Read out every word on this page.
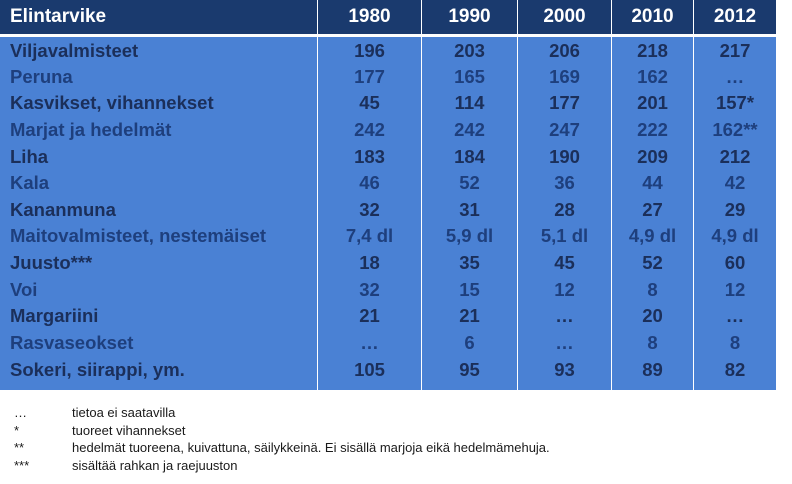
Elintarvike	1980	1990	2000	2010	2012
Viljavalmisteet	196	203	206	218	217
Peruna	177	165	169	162	…
Kasvikset, vihannekset	45	114	177	201	157*
Marjat ja hedelmät	242	242	247	222	162**
Liha	183	184	190	209	212
Kala	46	52	36	44	42
Kananmuna	32	31	28	27	29
Maitovalmisteet, nestemäiset	7,4 dl	5,9 dl	5,1 dl	4,9 dl	4,9 dl
Juusto***	18	35	45	52	60
Voi	32	15	12	8	12
Margariini	21	21	…	20	…
Rasvaseokset	…	6	…	8	8
Sokeri, siirappi, ym.	105	95	93	89	82
…	tietoa ei saatavilla
*	tuoreet vihannekset
**	hedelmät tuoreena, kuivattuna, säilykkeinä. Ei sisällä marjoja eikä hedelmämehuja.
***	sisältää rahkan ja raejuuston
